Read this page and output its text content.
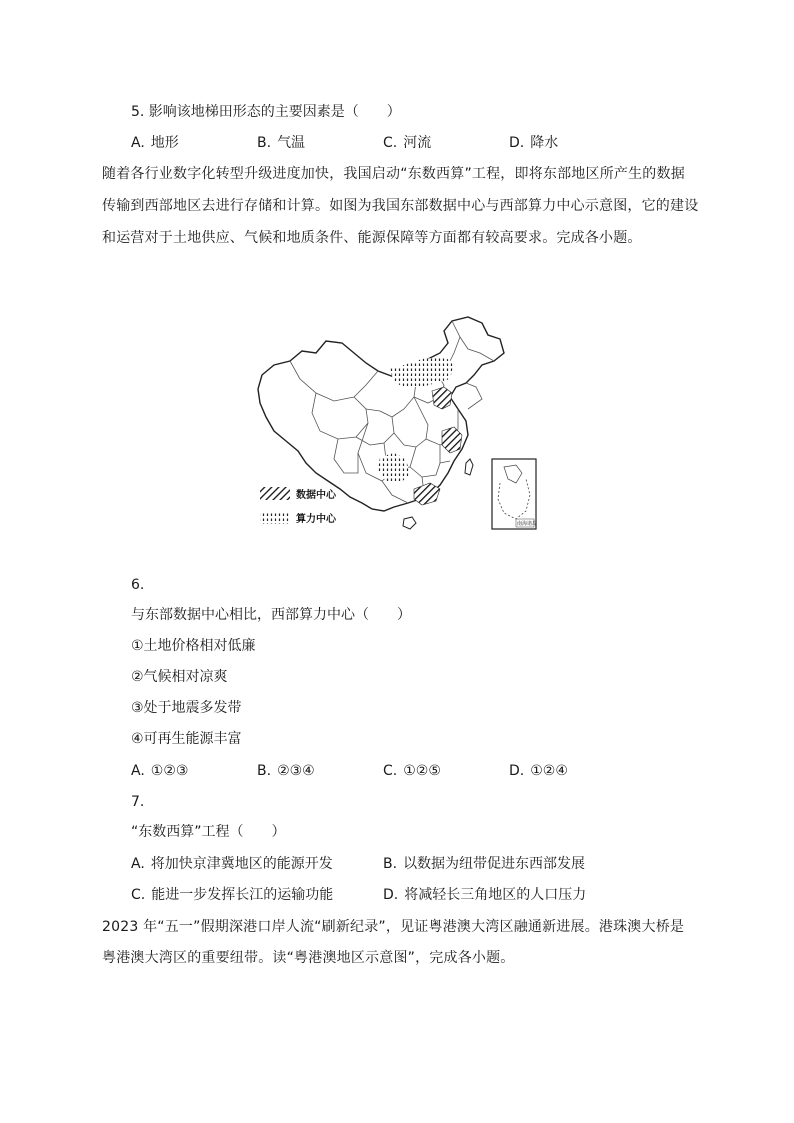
5. 影响该地梯田形态的主要因素是（　　）
A. 地形	B. 气温	C. 河流	D. 降水
随着各行业数字化转型升级进度加快，我国启动“东数西算”工程，即将东部地区所产生的数据
传输到西部地区去进行存储和计算。如图为我国东部数据中心与西部算力中心示意图，它的建设
和运营对于土地供应、气候和地质条件、能源保障等方面都有较高要求。完成各小题。
数据中心
算力中心	南海诸岛
6.
与东部数据中心相比，西部算力中心（　　）
①土地价格相对低廉
②气候相对凉爽
③处于地震多发带
④可再生能源丰富
A. ①②③	B. ②③④	C. ①②⑤	D. ①②④
7.
“东数西算”工程（　　）
A. 将加快京津冀地区的能源开发	B. 以数据为纽带促进东西部发展
C. 能进一步发挥长江的运输功能	D. 将减轻长三角地区的人口压力
2023 年“五一”假期深港口岸人流“刷新纪录”，见证粤港澳大湾区融通新进展。港珠澳大桥是
粤港澳大湾区的重要纽带。读“粤港澳地区示意图”，完成各小题。
